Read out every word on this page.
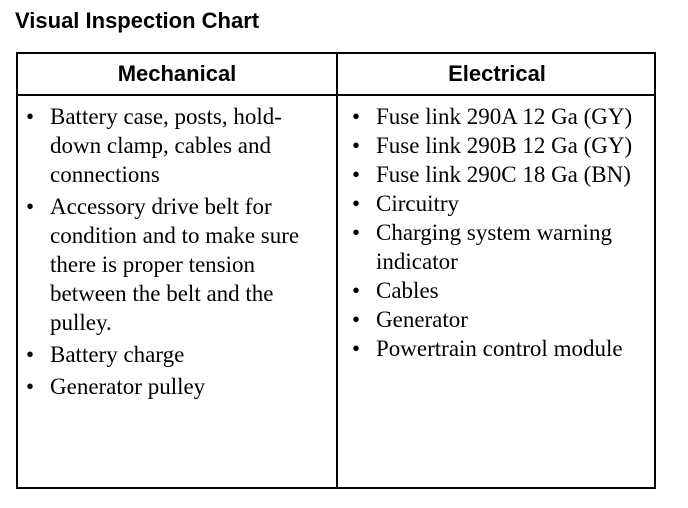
Visual Inspection Chart
Mechanical	Electrical
• Battery case, posts, hold-down clamp, cables and connections
• Accessory drive belt for condition and to make sure there is proper tension between the belt and the pulley.
• Battery charge
• Generator pulley
• Fuse link 290A 12 Ga (GY)
• Fuse link 290B 12 Ga (GY)
• Fuse link 290C 18 Ga (BN)
• Circuitry
• Charging system warning indicator
• Cables
• Generator
• Powertrain control module
